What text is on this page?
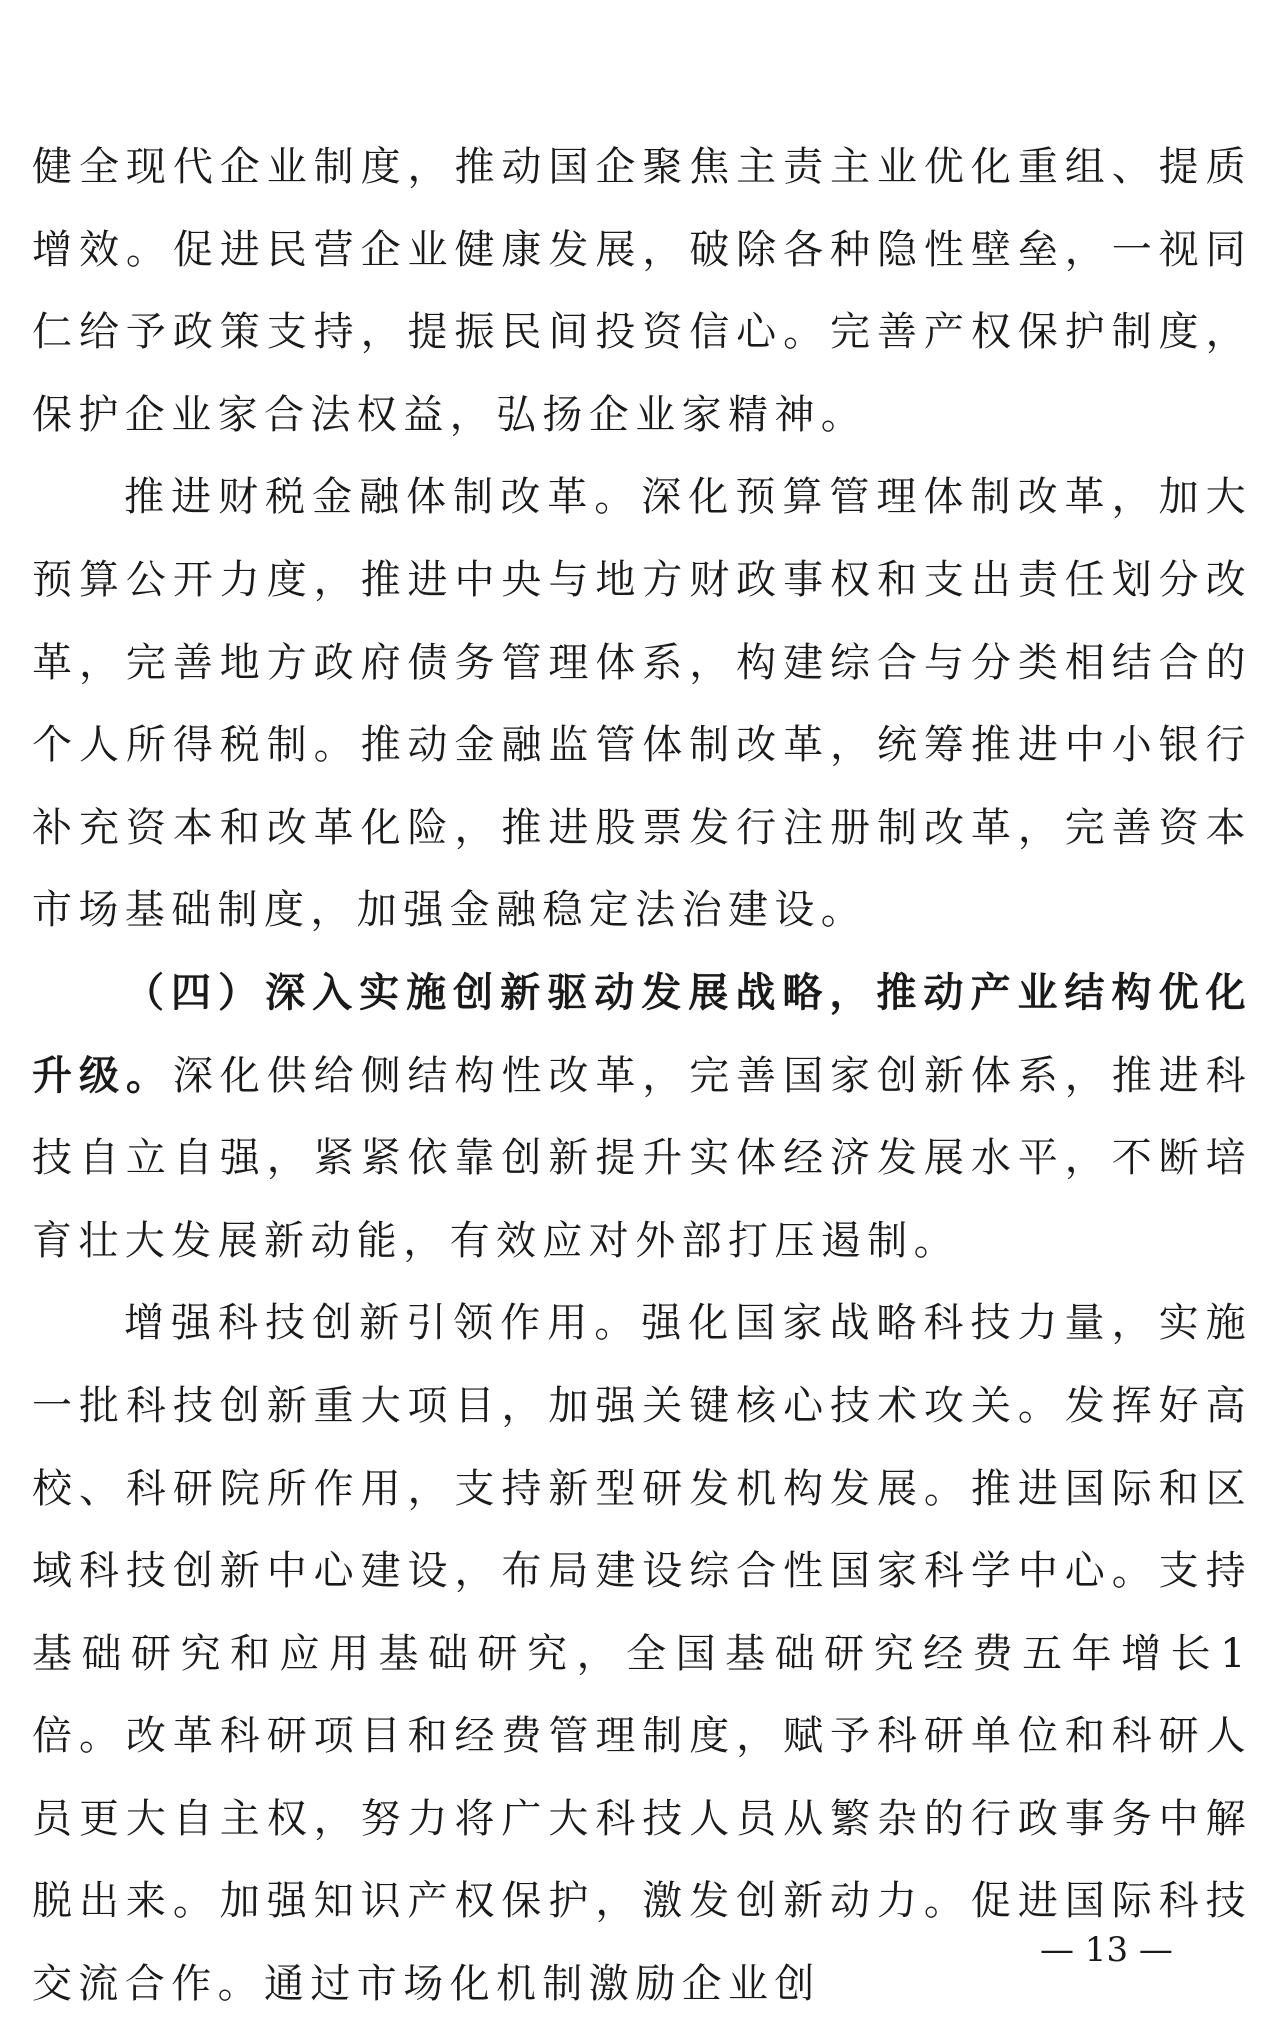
健全现代企业制度，推动国企聚焦主责主业优化重组、提质增效。促进民营企业健康发展，破除各种隐性壁垒，一视同仁给予政策支持，提振民间投资信心。完善产权保护制度，保护企业家合法权益，弘扬企业家精神。

推进财税金融体制改革。深化预算管理体制改革，加大预算公开力度，推进中央与地方财政事权和支出责任划分改革，完善地方政府债务管理体系，构建综合与分类相结合的个人所得税制。推动金融监管体制改革，统筹推进中小银行补充资本和改革化险，推进股票发行注册制改革，完善资本市场基础制度，加强金融稳定法治建设。

（四）深入实施创新驱动发展战略，推动产业结构优化升级。深化供给侧结构性改革，完善国家创新体系，推进科技自立自强，紧紧依靠创新提升实体经济发展水平，不断培育壮大发展新动能，有效应对外部打压遏制。

增强科技创新引领作用。强化国家战略科技力量，实施一批科技创新重大项目，加强关键核心技术攻关。发挥好高校、科研院所作用，支持新型研发机构发展。推进国际和区域科技创新中心建设，布局建设综合性国家科学中心。支持基础研究和应用基础研究，全国基础研究经费五年增长1倍。改革科研项目和经费管理制度，赋予科研单位和科研人员更大自主权，努力将广大科技人员从繁杂的行政事务中解脱出来。加强知识产权保护，激发创新动力。促进国际科技交流合作。通过市场化机制激励企业创

— 13 —
